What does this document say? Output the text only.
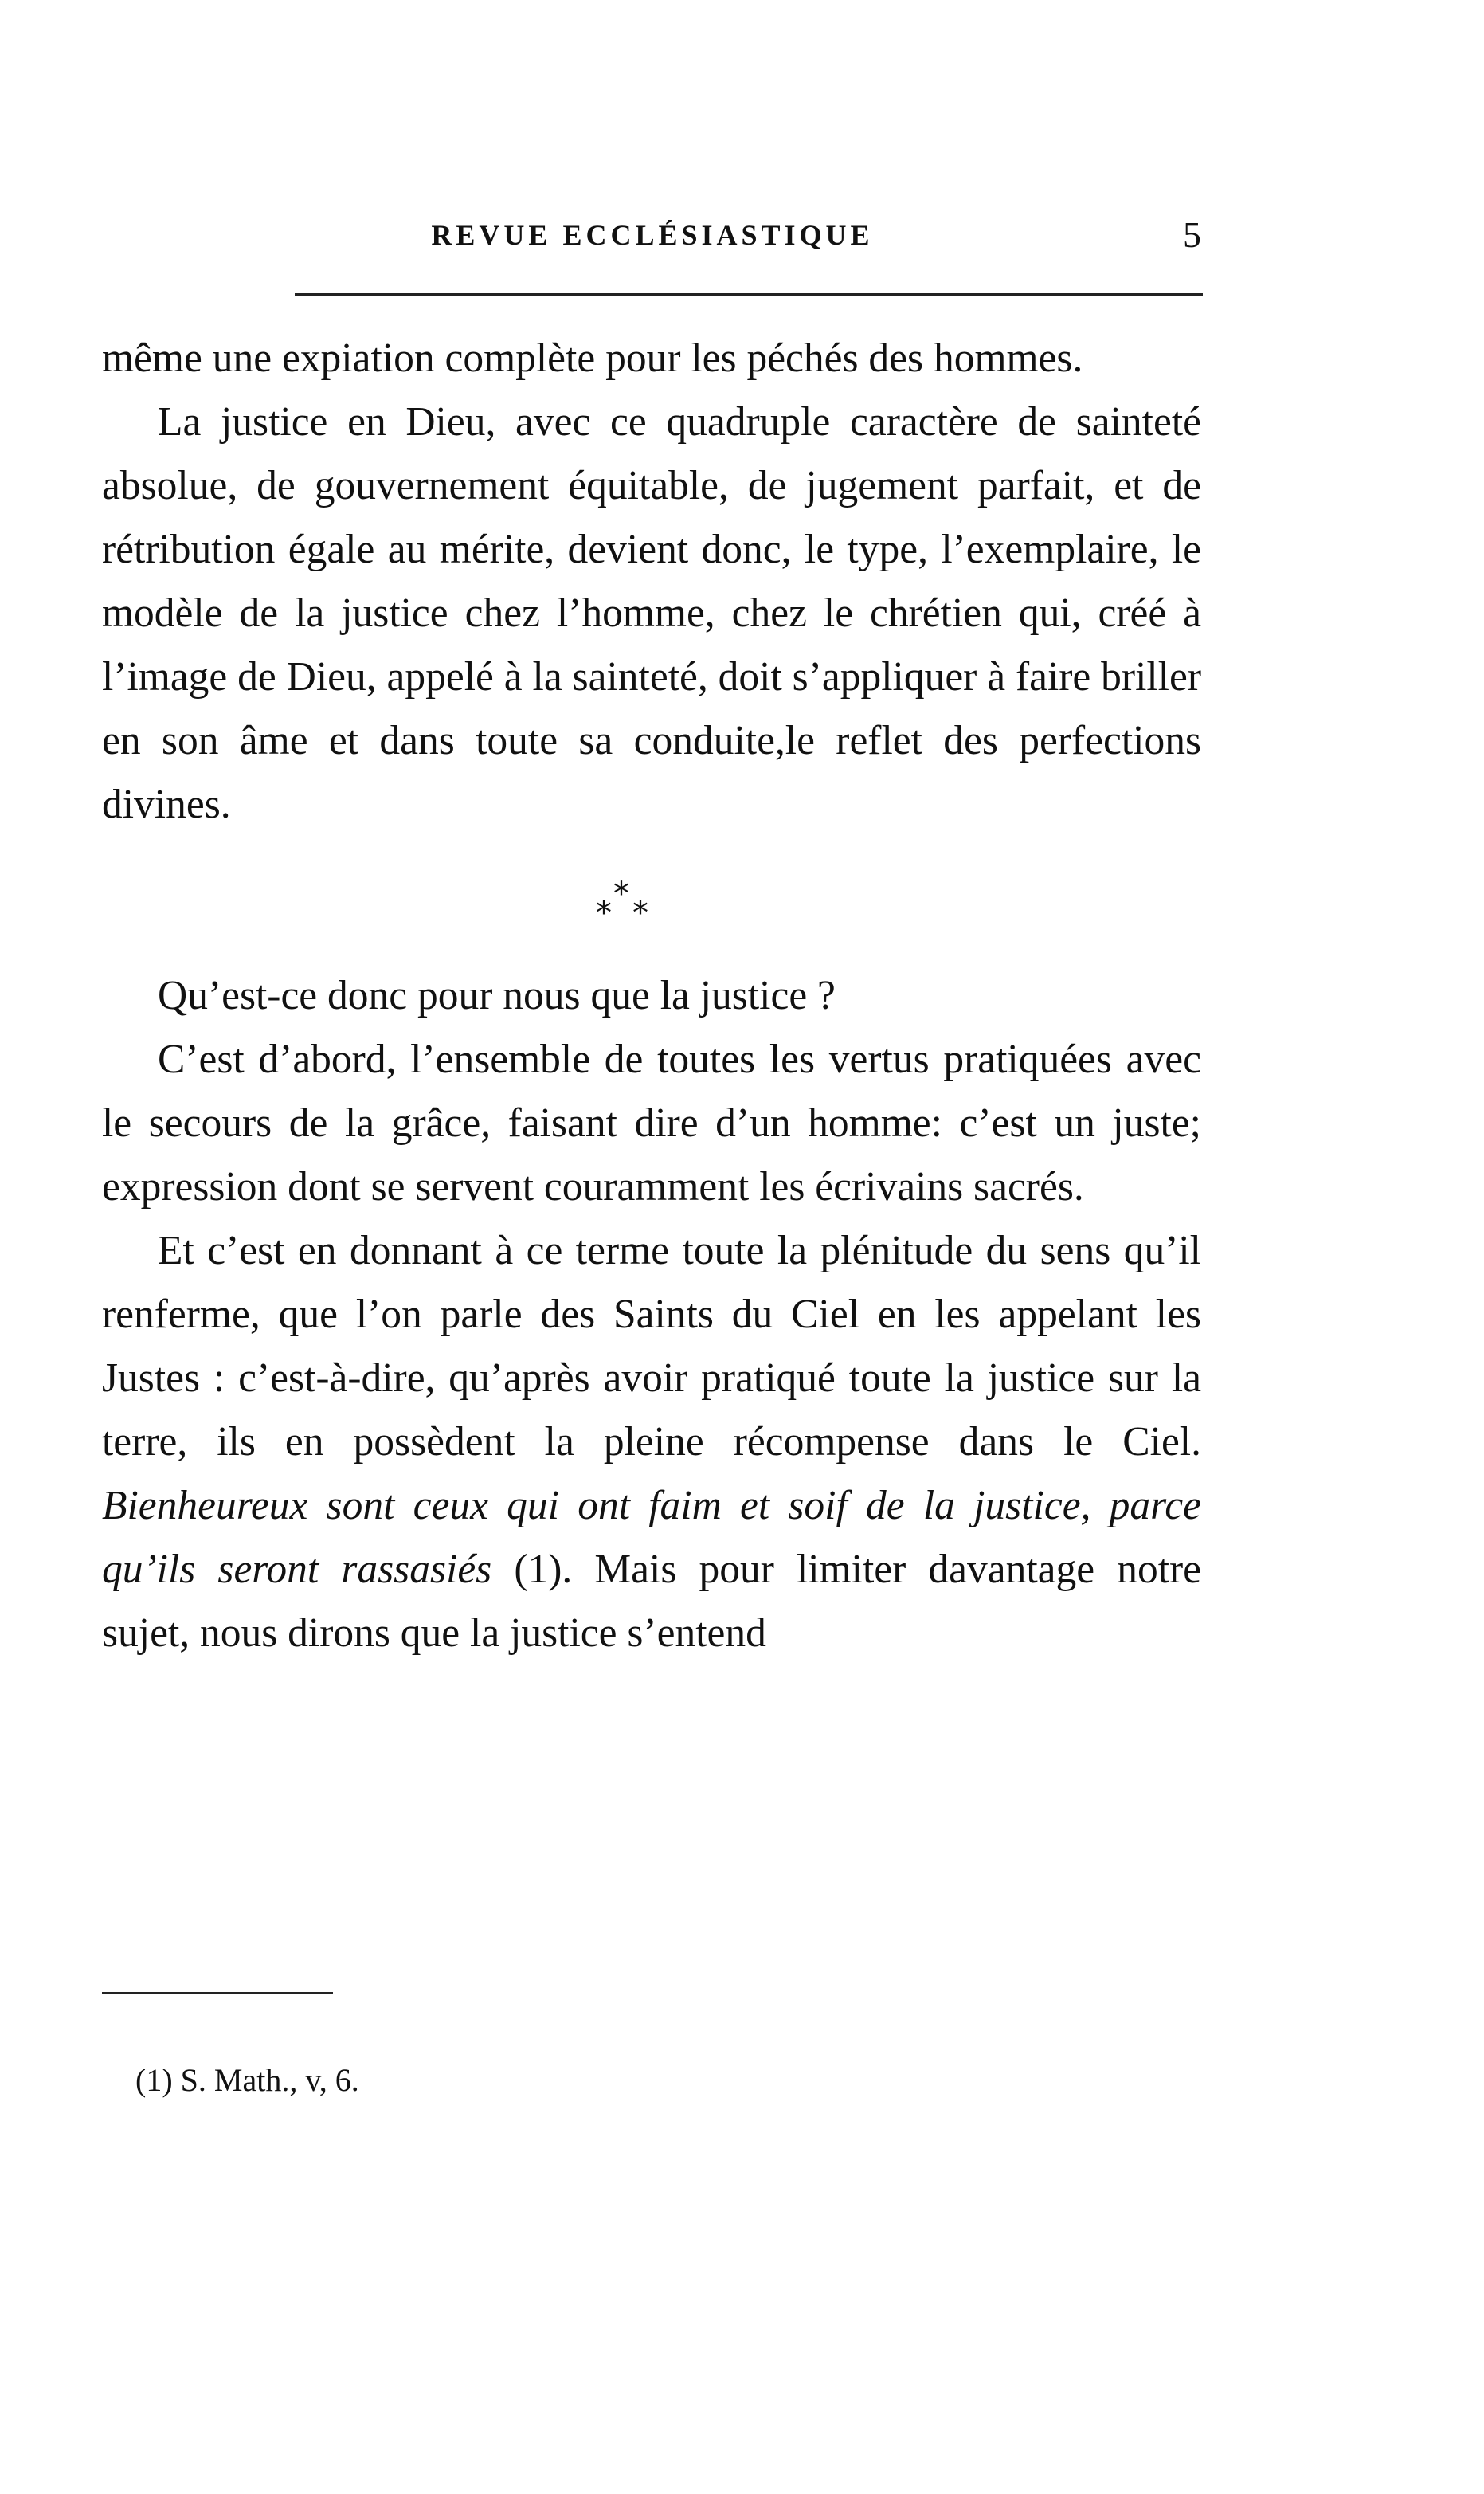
REVUE ECCLÉSIASTIQUE	5

même une expiation complète pour les péchés des hommes.

La justice en Dieu, avec ce quadruple caractère de sainteté absolue, de gouvernement équitable, de jugement parfait, et de rétribution égale au mérite, devient donc, le type, l’exemplaire, le modèle de la justice chez l’homme, chez le chrétien qui, créé à l’image de Dieu, appelé à la sainteté, doit s’appliquer à faire briller en son âme et dans toute sa conduite,le reflet des perfections divines.

*
* *

Qu’est-ce donc pour nous que la justice ?

C’est d’abord, l’ensemble de toutes les vertus pratiquées avec le secours de la grâce, faisant dire d’un homme: c’est un juste; expression dont se servent couramment les écrivains sacrés.

Et c’est en donnant à ce terme toute la plénitude du sens qu’il renferme, que l’on parle des Saints du Ciel en les appelant les Justes : c’est-à-dire, qu’après avoir pratiqué toute la justice sur la terre, ils en possèdent la pleine récompense dans le Ciel. Bienheureux sont ceux qui ont faim et soif de la justice, parce qu’ils seront rassasiés (1). Mais pour limiter davantage notre sujet, nous dirons que la justice s’entend

(1) S. Math., v, 6.
